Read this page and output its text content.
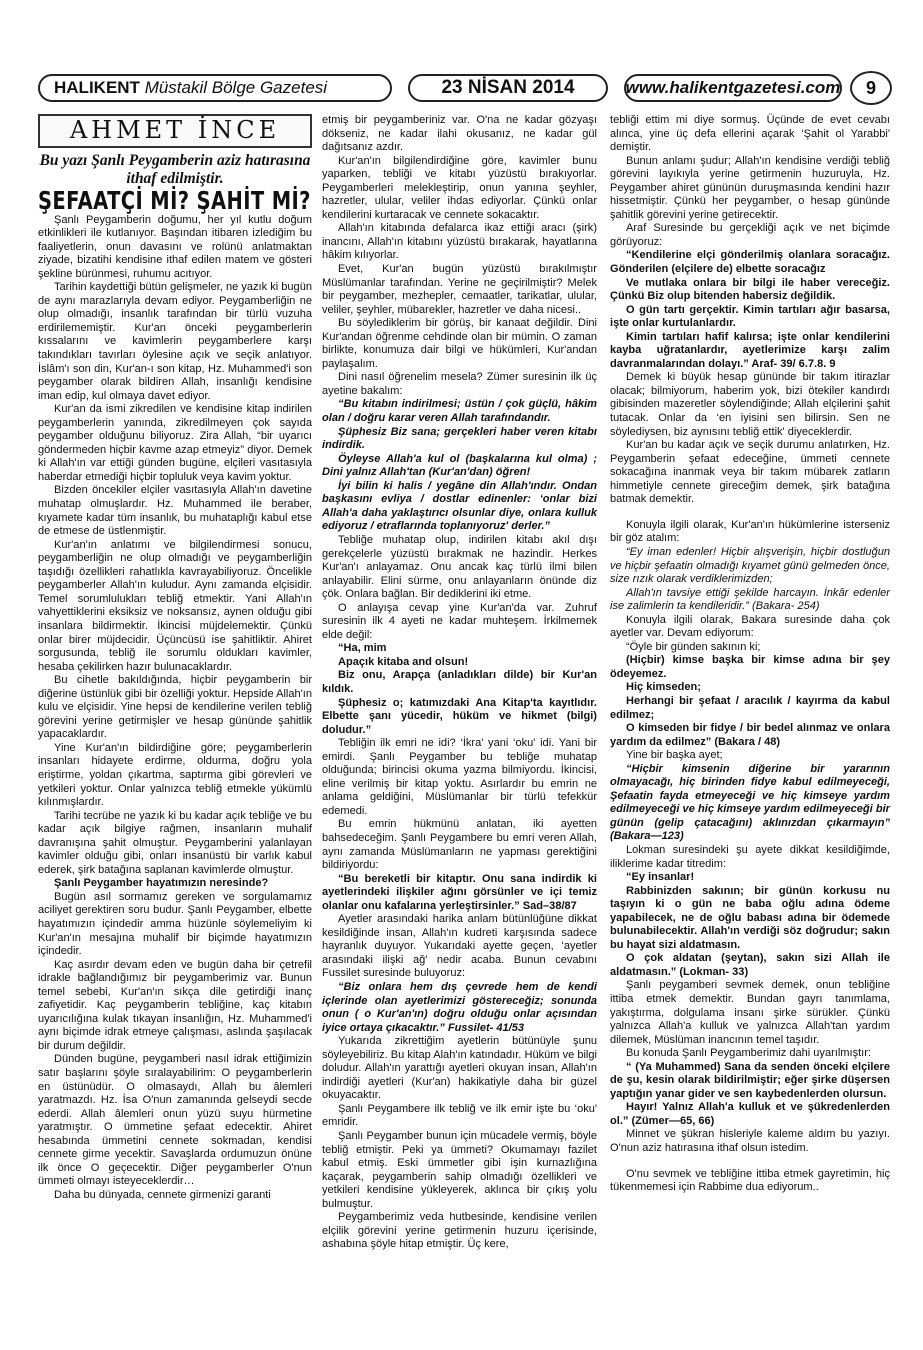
HALIKENT
Müstakil Bölge Gazetesi	23 NİSAN 2014	www.halikentgazetesi.com	9
AHMET İNCE
Bu yazı Şanlı Peygamberin aziz hatırasına ithaf edilmiştir.
ŞEFAATÇİ Mİ? ŞAHİT Mİ?

Şanlı Peygamberin doğumu, her yıl kutlu doğum etkinlikleri ile kutlanıyor. Başından itibaren izlediğim bu faaliyetlerin, onun davasını ve rolünü anlatmaktan ziyade, bizatihi kendisine ithaf edilen matem ve gösteri şekline bürünmesi, ruhumu acıtıyor.

Tarihin kaydettiği bütün gelişmeler, ne yazık ki bugün de aynı marazlarıyla devam ediyor. Peygamberliğin ne olup olmadığı, insanlık tarafından bir türlü vuzuha erdirilememiştir. Kur'an önceki peygamberlerin kıssalarını ve kavimlerin peygamberlere karşı takındıkları tavırları öylesine açık ve seçik anlatıyor. İslâm'ı son din, Kur'an-ı son kitap, Hz. Muhammed'i son peygamber olarak bildiren Allah, insanlığı kendisine iman edip, kul olmaya davet ediyor.

Kur'an da ismi zikredilen ve kendisine kitap indirilen peygamberlerin yanında, zikredilmeyen çok sayıda peygamber olduğunu biliyoruz. Zira Allah, “bir uyarıcı göndermeden hiçbir kavme azap etmeyiz” diyor. Demek ki Allah'ın var ettiği günden bugüne, elçileri vasıtasıyla haberdar etmediği hiçbir topluluk veya kavim yoktur.

Bizden öncekiler elçiler vasıtasıyla Allah'ın davetine muhatap olmuşlardır. Hz. Muhammed ile beraber, kıyamete kadar tüm insanlık, bu muhataplığı kabul etse de etmese de üstlenmiştir.

Kur'an'ın anlatımı ve bilgilendirmesi sonucu, peygamberliğin ne olup olmadığı ve peygamberliğin taşıdığı özellikleri rahatlıkla kavrayabiliyoruz. Öncelikle peygamberler Allah'ın kuludur. Aynı zamanda elçisidir. Temel sorumlulukları tebliğ etmektir. Yani Allah'ın vahyettiklerini eksiksiz ve noksansız, aynen olduğu gibi insanlara bildirmektir. İkincisi müjdelemektir. Çünkü onlar birer müjdecidir. Üçüncüsü ise şahitliktir. Ahiret sorgusunda, tebliğ ile sorumlu oldukları kavimler, hesaba çekilirken hazır bulunacaklardır.

Bu cihetle bakıldığında, hiçbir peygamberin bir diğerine üstünlük gibi bir özelliği yoktur. Hepside Allah'ın kulu ve elçisidir. Yine hepsi de kendilerine verilen tebliğ görevini yerine getirmişler ve hesap gününde şahitlik yapacaklardır.

Yine Kur'an'ın bildirdiğine göre; peygamberlerin insanları hidayete erdirme, oldurma, doğru yola eriştirme, yoldan çıkartma, saptırma gibi görevleri ve yetkileri yoktur. Onlar yalnızca tebliğ etmekle yükümlü kılınmışlardır.

Tarihi tecrübe ne yazık ki bu kadar açık tebliğe ve bu kadar açık bilgiye rağmen, insanların muhalif davranışına şahit olmuştur. Peygamberini yalanlayan kavimler olduğu gibi, onları insanüstü bir varlık kabul ederek, şirk batağına saplanan kavimlerde olmuştur.

Şanlı Peygamber hayatımızın neresinde?

Bugün asıl sormamız gereken ve sorgulamamız aciliyet gerektiren soru budur. Şanlı Peygamber, elbette hayatımızın içindedir amma hüzünle söylemeliyim ki Kur'an'ın mesajına muhalif bir biçimde hayatımızın içindedir.

Kaç asırdır devam eden ve bugün daha bir çetrefil idrakle bağlandığımız bir peygamberimiz var. Bunun temel sebebi, Kur'an'ın sıkça dile getirdiği inanç zafiyetidir. Kaç peygamberin tebliğine, kaç kitabın uyarıcılığına kulak tıkayan insanlığın, Hz. Muhammed'i aynı biçimde idrak etmeye çalışması, aslında şaşılacak bir durum değildir.

Dünden bugüne, peygamberi nasıl idrak ettiğimizin satır başlarını şöyle sıralayabilirim: O peygamberlerin en üstünüdür. O olmasaydı, Allah bu âlemleri yaratmazdı. Hz. İsa O'nun zamanında gelseydi secde ederdi. Allah âlemleri onun yüzü suyu hürmetine yaratmıştır. O ümmetine şefaat edecektir. Ahiret hesabında ümmetini cennete sokmadan, kendisi cennete girme yecektir. Savaşlarda ordumuzun önüne ilk önce O geçecektir. Diğer peygamberler O'nun ümmeti olmayı isteyeceklerdir…

Daha bu dünyada, cennete girmenizi garanti

etmiş bir peygamberiniz var. O'na ne kadar gözyaşı dökseniz, ne kadar ilahi okusanız, ne kadar gül dağıtsanız azdır.

Kur'an'ın bilgilendirdiğine göre, kavimler bunu yaparken, tebliği ve kitabı yüzüstü bırakıyorlar. Peygamberleri melekleştirip, onun yanına şeyhler, hazretler, ulular, veliler ihdas ediyorlar. Çünkü onlar kendilerini kurtaracak ve cennete sokacaktır.

Allah'ın kitabında defalarca ikaz ettiği aracı (şirk) inancını, Allah'ın kitabını yüzüstü bırakarak, hayatlarına hâkim kılıyorlar.

Evet, Kur'an bugün yüzüstü bırakılmıştır Müslümanlar tarafından. Yerine ne geçirilmiştir? Melek bir peygamber, mezhepler, cemaatler, tarikatlar, ulular, veliler, şeyhler, mübarekler, hazretler ve daha nicesi..

Bu söylediklerim bir görüş, bir kanaat değildir. Dini Kur'andan öğrenme cehdinde olan bir mümin. O zaman birlikte, konumuza dair bilgi ve hükümleri, Kur'andan paylaşalım.

Dini nasıl öğrenelim mesela? Zümer suresinin ilk üç ayetine bakalım:

“Bu kitabın indirilmesi; üstün / çok güçlü, hâkim olan / doğru karar veren Allah tarafındandır.

Şüphesiz Biz sana; gerçekleri haber veren kitabı indirdik.

Öyleyse Allah'a kul ol (başkalarına kul olma) ; Dini yalnız Allah'tan (Kur'an'dan) öğren!

İyi bilin ki halis / yegâne din Allah'ındır. Ondan başkasını evliya / dostlar edinenler: ‘onlar bizi Allah'a daha yaklaştırıcı olsunlar diye, onlara kulluk ediyoruz / etraflarında toplanıyoruz' derler.”

Tebliğe muhatap olup, indirilen kitabı akıl dışı gerekçelerle yüzüstü bırakmak ne hazindir. Herkes Kur'an'ı anlayamaz. Onu ancak kaç türlü ilmi bilen anlayabilir. Elini sürme, onu anlayanların önünde diz çök. Onlara bağlan. Bir dediklerini iki etme.

O anlayışa cevap yine Kur'an'da var. Zuhruf suresinin ilk 4 ayeti ne kadar muhteşem. İrkilmemek elde değil:

“Ha, mim

Apaçık kitaba and olsun!

Biz onu, Arapça (anladıkları dilde) bir Kur'an kıldık.

Şüphesiz o; katımızdaki Ana Kitap'ta kayıtlıdır. Elbette şanı yücedir, hüküm ve hikmet (bilgi) doludur.”

Tebliğin ilk emri ne idi? ‘İkra' yani ‘oku' idi. Yani bir emirdi. Şanlı Peygamber bu tebliğe muhatap olduğunda; birincisi okuma yazma bilmiyordu. İkincisi, eline verilmiş bir kitap yoktu. Asırlardır bu emrin ne anlama geldiğini, Müslümanlar bir türlü tefekkür edemedi.

Bu emrin hükmünü anlatan, iki ayetten bahsedeceğim. Şanlı Peygambere bu emri veren Allah, aynı zamanda Müslümanların ne yapması gerektiğini bildiriyordu:

“Bu bereketli bir kitaptır. Onu sana indirdik ki ayetlerindeki ilişkiler ağını görsünler ve içi temiz olanlar onu kafalarına yerleştirsinler.” Sad–38/87

Ayetler arasındaki harika anlam bütünlüğüne dikkat kesildiğinde insan, Allah'ın kudreti karşısında sadece hayranlık duyuyor. Yukarıdaki ayette geçen, ‘ayetler arasındaki ilişki ağ' nedir acaba. Bunun cevabını Fussilet suresinde buluyoruz:

“Biz onlara hem dış çevrede hem de kendi içlerinde olan ayetlerimizi göstereceğiz; sonunda onun ( o Kur'an'ın) doğru olduğu onlar açısından iyice ortaya çıkacaktır.” Fussilet- 41/53

Yukarıda zikrettiğim ayetlerin bütünüyle şunu söyleyebiliriz. Bu kitap Alah'ın katındadır. Hüküm ve bilgi doludur. Allah'ın yarattığı ayetleri okuyan insan, Allah'ın indirdiği ayetleri (Kur'an) hakikatiyle daha bir güzel okuyacaktır.

Şanlı Peygambere ilk tebliğ ve ilk emir işte bu ‘oku' emridir.

Şanlı Peygamber bunun için mücadele vermiş, böyle tebliğ etmiştir. Peki ya ümmeti? Okumamayı fazilet kabul etmiş. Eski ümmetler gibi işin kurnazlığına kaçarak, peygamberin sahip olmadığı özellikleri ve yetkileri kendisine yükleyerek, aklınca bir çıkış yolu bulmuştur.

Peygamberimiz veda hutbesinde, kendisine verilen elçilik görevini yerine getirmenin huzuru içerisinde, ashabına şöyle hitap etmiştir. Üç kere,

tebliği ettim mi diye sormuş. Üçünde de evet cevabı alınca, yine üç defa ellerini açarak ‘Şahit ol Yarabbi' demiştir.

Bunun anlamı şudur; Allah'ın kendisine verdiği tebliğ görevini layıkıyla yerine getirmenin huzuruyla, Hz. Peygamber ahiret gününün duruşmasında kendini hazır hissetmiştir. Çünkü her peygamber, o hesap gününde şahitlik görevini yerine getirecektir.

Araf Suresinde bu gerçekliği açık ve net biçimde görüyoruz:

“Kendilerine elçi gönderilmiş olanlara soracağız. Gönderilen (elçilere de) elbette soracağız

Ve mutlaka onlara bir bilgi ile haber vereceğiz. Çünkü Biz olup bitenden habersiz değildik.

O gün tartı gerçektir. Kimin tartıları ağır basarsa, işte onlar kurtulanlardır.

Kimin tartıları hafif kalırsa; işte onlar kendilerini kayba uğratanlardır, ayetlerimize karşı zalim davranmalarından dolayı.” Araf- 39/ 6.7.8. 9

Demek ki büyük hesap gününde bir takım itirazlar olacak; bilmiyorum, haberim yok, bizi ötekiler kandırdı gibisinden mazeretler söylendiğinde; Allah elçilerini şahit tutacak. Onlar da ‘en iyisini sen bilirsin. Sen ne söylediysen, biz aynısını tebliğ ettik' diyeceklerdir.

Kur'an bu kadar açık ve seçik durumu anlatırken, Hz. Peygamberin şefaat edeceğine, ümmeti cennete sokacağına inanmak veya bir takım mübarek zatların himmetiyle cennete gireceğim demek, şirk batağına batmak demektir.

Konuyla ilgili olarak, Kur'an'ın hükümlerine isterseniz bir göz atalım:

“Ey iman edenler! Hiçbir alışverişin, hiçbir dostluğun ve hiçbir şefaatin olmadığı kıyamet günü gelmeden önce, size rızık olarak verdiklerimizden;

Allah'ın tavsiye ettiği şekilde harcayın. İnkâr edenler ise zalimlerin ta kendileridir.” (Bakara- 254)

Konuyla ilgili olarak, Bakara suresinde daha çok ayetler var. Devam ediyorum:

“Öyle bir günden sakının ki;

(Hiçbir) kimse başka bir kimse adına bir şey ödeyemez.

Hiç kimseden;

Herhangi bir şefaat / aracılık / kayırma da kabul edilmez;

O kimseden bir fidye / bir bedel alınmaz ve onlara yardım da edilmez” (Bakara / 48)

Yine bir başka ayet;

“Hiçbir kimsenin diğerine bir yararının olmayacağı, hiç birinden fidye kabul edilmeyeceği, Şefaatin fayda etmeyeceği ve hiç kimseye yardım edilmeyeceği ve hiç kimseye yardım edilmeyeceği bir günün (gelip çatacağını) aklınızdan çıkarmayın” (Bakara—123)

Lokman suresindeki şu ayete dikkat kesildiğimde, iliklerime kadar titredim:

“Ey insanlar!

Rabbinizden sakının; bir günün korkusu nu taşıyın ki o gün ne baba oğlu adına ödeme yapabilecek, ne de oğlu babası adına bir ödemede bulunabilecektir. Allah'ın verdiği söz doğrudur; sakın bu hayat sizi aldatmasın.

O çok aldatan (şeytan), sakın sizi Allah ile aldatmasın.” (Lokman- 33)

Şanlı peygamberi sevmek demek, onun tebliğine ittiba etmek demektir. Bundan gayrı tanımlama, yakıştırma, dolgulama insanı şirke sürükler. Çünkü yalnızca Allah'a kulluk ve yalnızca Allah'tan yardım dilemek, Müslüman inancının temel taşıdır.

Bu konuda Şanlı Peygamberimiz dahi uyarılmıştır:

“ (Ya Muhammed) Sana da senden önceki elçilere de şu, kesin olarak bildirilmiştir; eğer şirke düşersen yaptığın yanar gider ve sen kaybedenlerden olursun.

Hayır! Yalnız Allah'a kulluk et ve şükredenlerden ol.” (Zümer—65, 66)

Minnet ve şükran hisleriyle kaleme aldım bu yazıyı. O'nun aziz hatırasına ithaf olsun istedim.

O'nu sevmek ve tebliğine ittiba etmek gayretimin, hiç tükenmemesi için Rabbime dua ediyorum..
